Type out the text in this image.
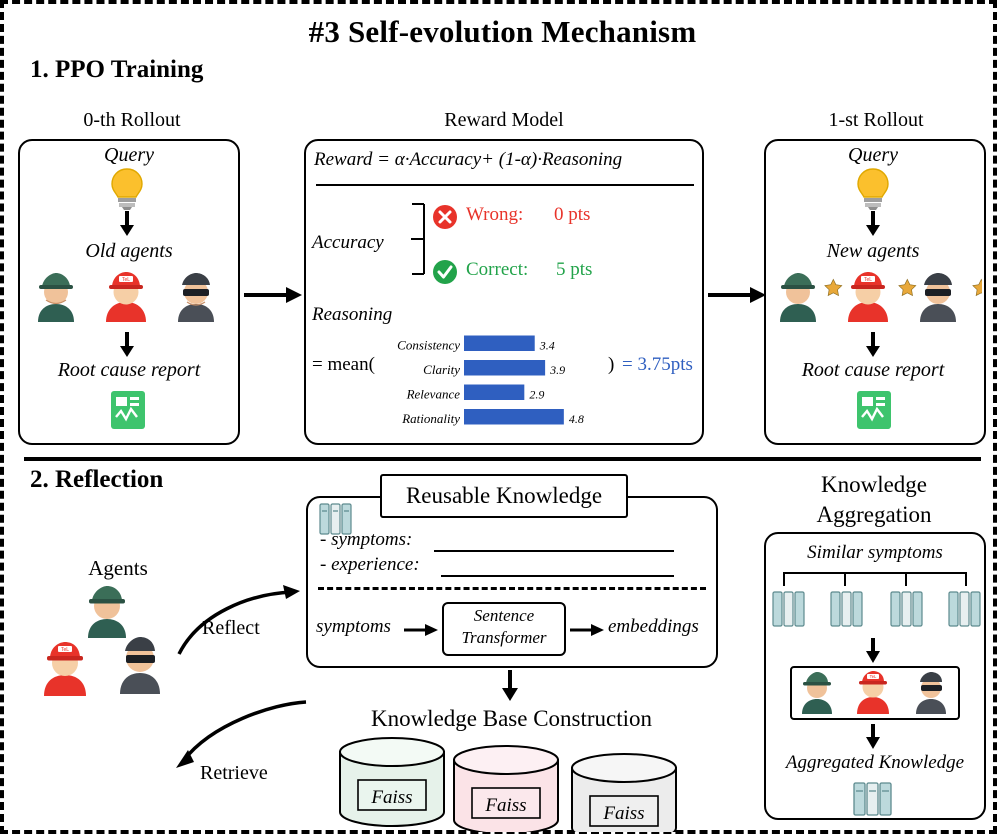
#3 Self-evolution Mechanism
1. PPO Training
0-th Rollout
Query
Old agents
TeL
Root cause report
Reward Model
Reward = α·Accuracy+ (1-α)·Reasoning
Accuracy
Wrong: 0 pts
Correct: 5 pts
Reasoning
= mean(
Consistency	3.4
Clarity	3.9
Relevance	2.9
Rationality	4.8
) = 3.75pts
1-st Rollout
Query
New agents
TeL
Root cause report
2. Reflection
Agents
TeL
Reflect
Retrieve
Reusable Knowledge
- symptoms:
- experience:
symptoms
Sentence
Transformer
embeddings
Knowledge Base Construction
Faiss	Faiss	Faiss
Knowledge
Aggregation
Similar symptoms
TeL
Aggregated Knowledge
